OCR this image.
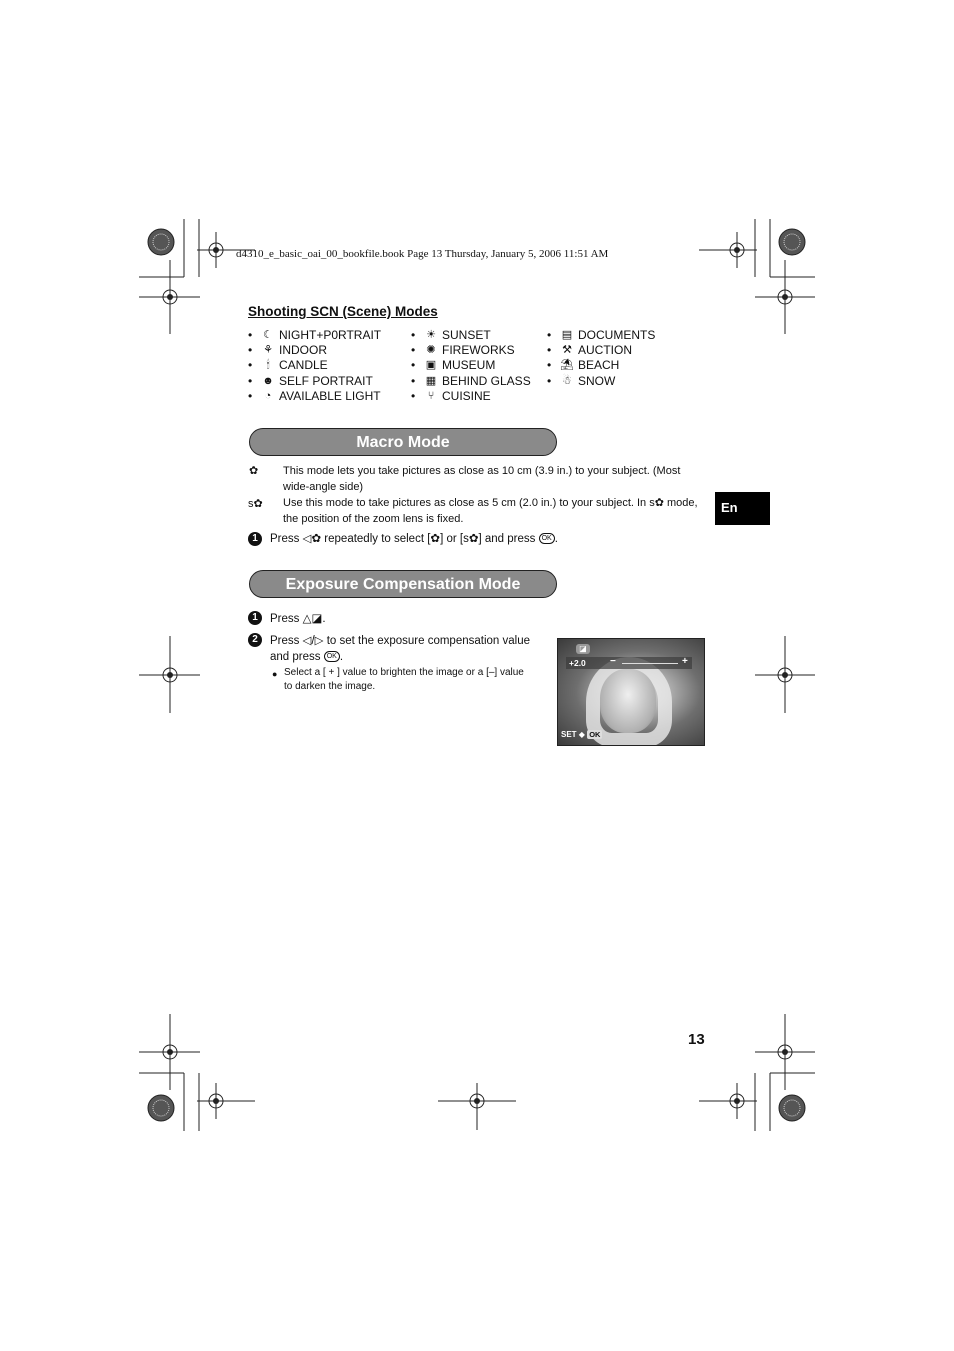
d4310_e_basic_oai_00_bookfile.book Page 13 Thursday, January 5, 2006 11:51 AM
Shooting SCN (Scene) Modes
• ☾ NIGHT+P0RTRAIT
• ⚘ INDOOR
•	🕯 CANDLE
• ☻ SELF PORTRAIT
•	◔ AVAILABLE LIGHT
• ☀ SUNSET
•	✺ FIREWORKS
• ▣ MUSEUM
• ▦ BEHIND GLASS
•	⑂ CUISINE
• ▤ DOCUMENTS
• ⚒ AUCTION
• ⛱ BEACH
• ☃ SNOW
Macro Mode
✿ This mode lets you take pictures as close as 10 cm (3.9 in.) to your subject. (Most wide-angle side)
s✿ Use this mode to take pictures as close as 5 cm (2.0 in.) to your subject. In s✿ mode, the position of the zoom lens is fixed.
1	Press ◁✿ repeatedly to select [✿] or [s✿] and press OK .
Exposure Compensation Mode
1	Press △◪.
2	Press ◁/▷ to set the exposure compensation value
and press OK .
● Select a [ + ] value to brighten the image or a [–] value
to darken the image.
◪
+2.0 −	+
SET ◆ OK
En
13
